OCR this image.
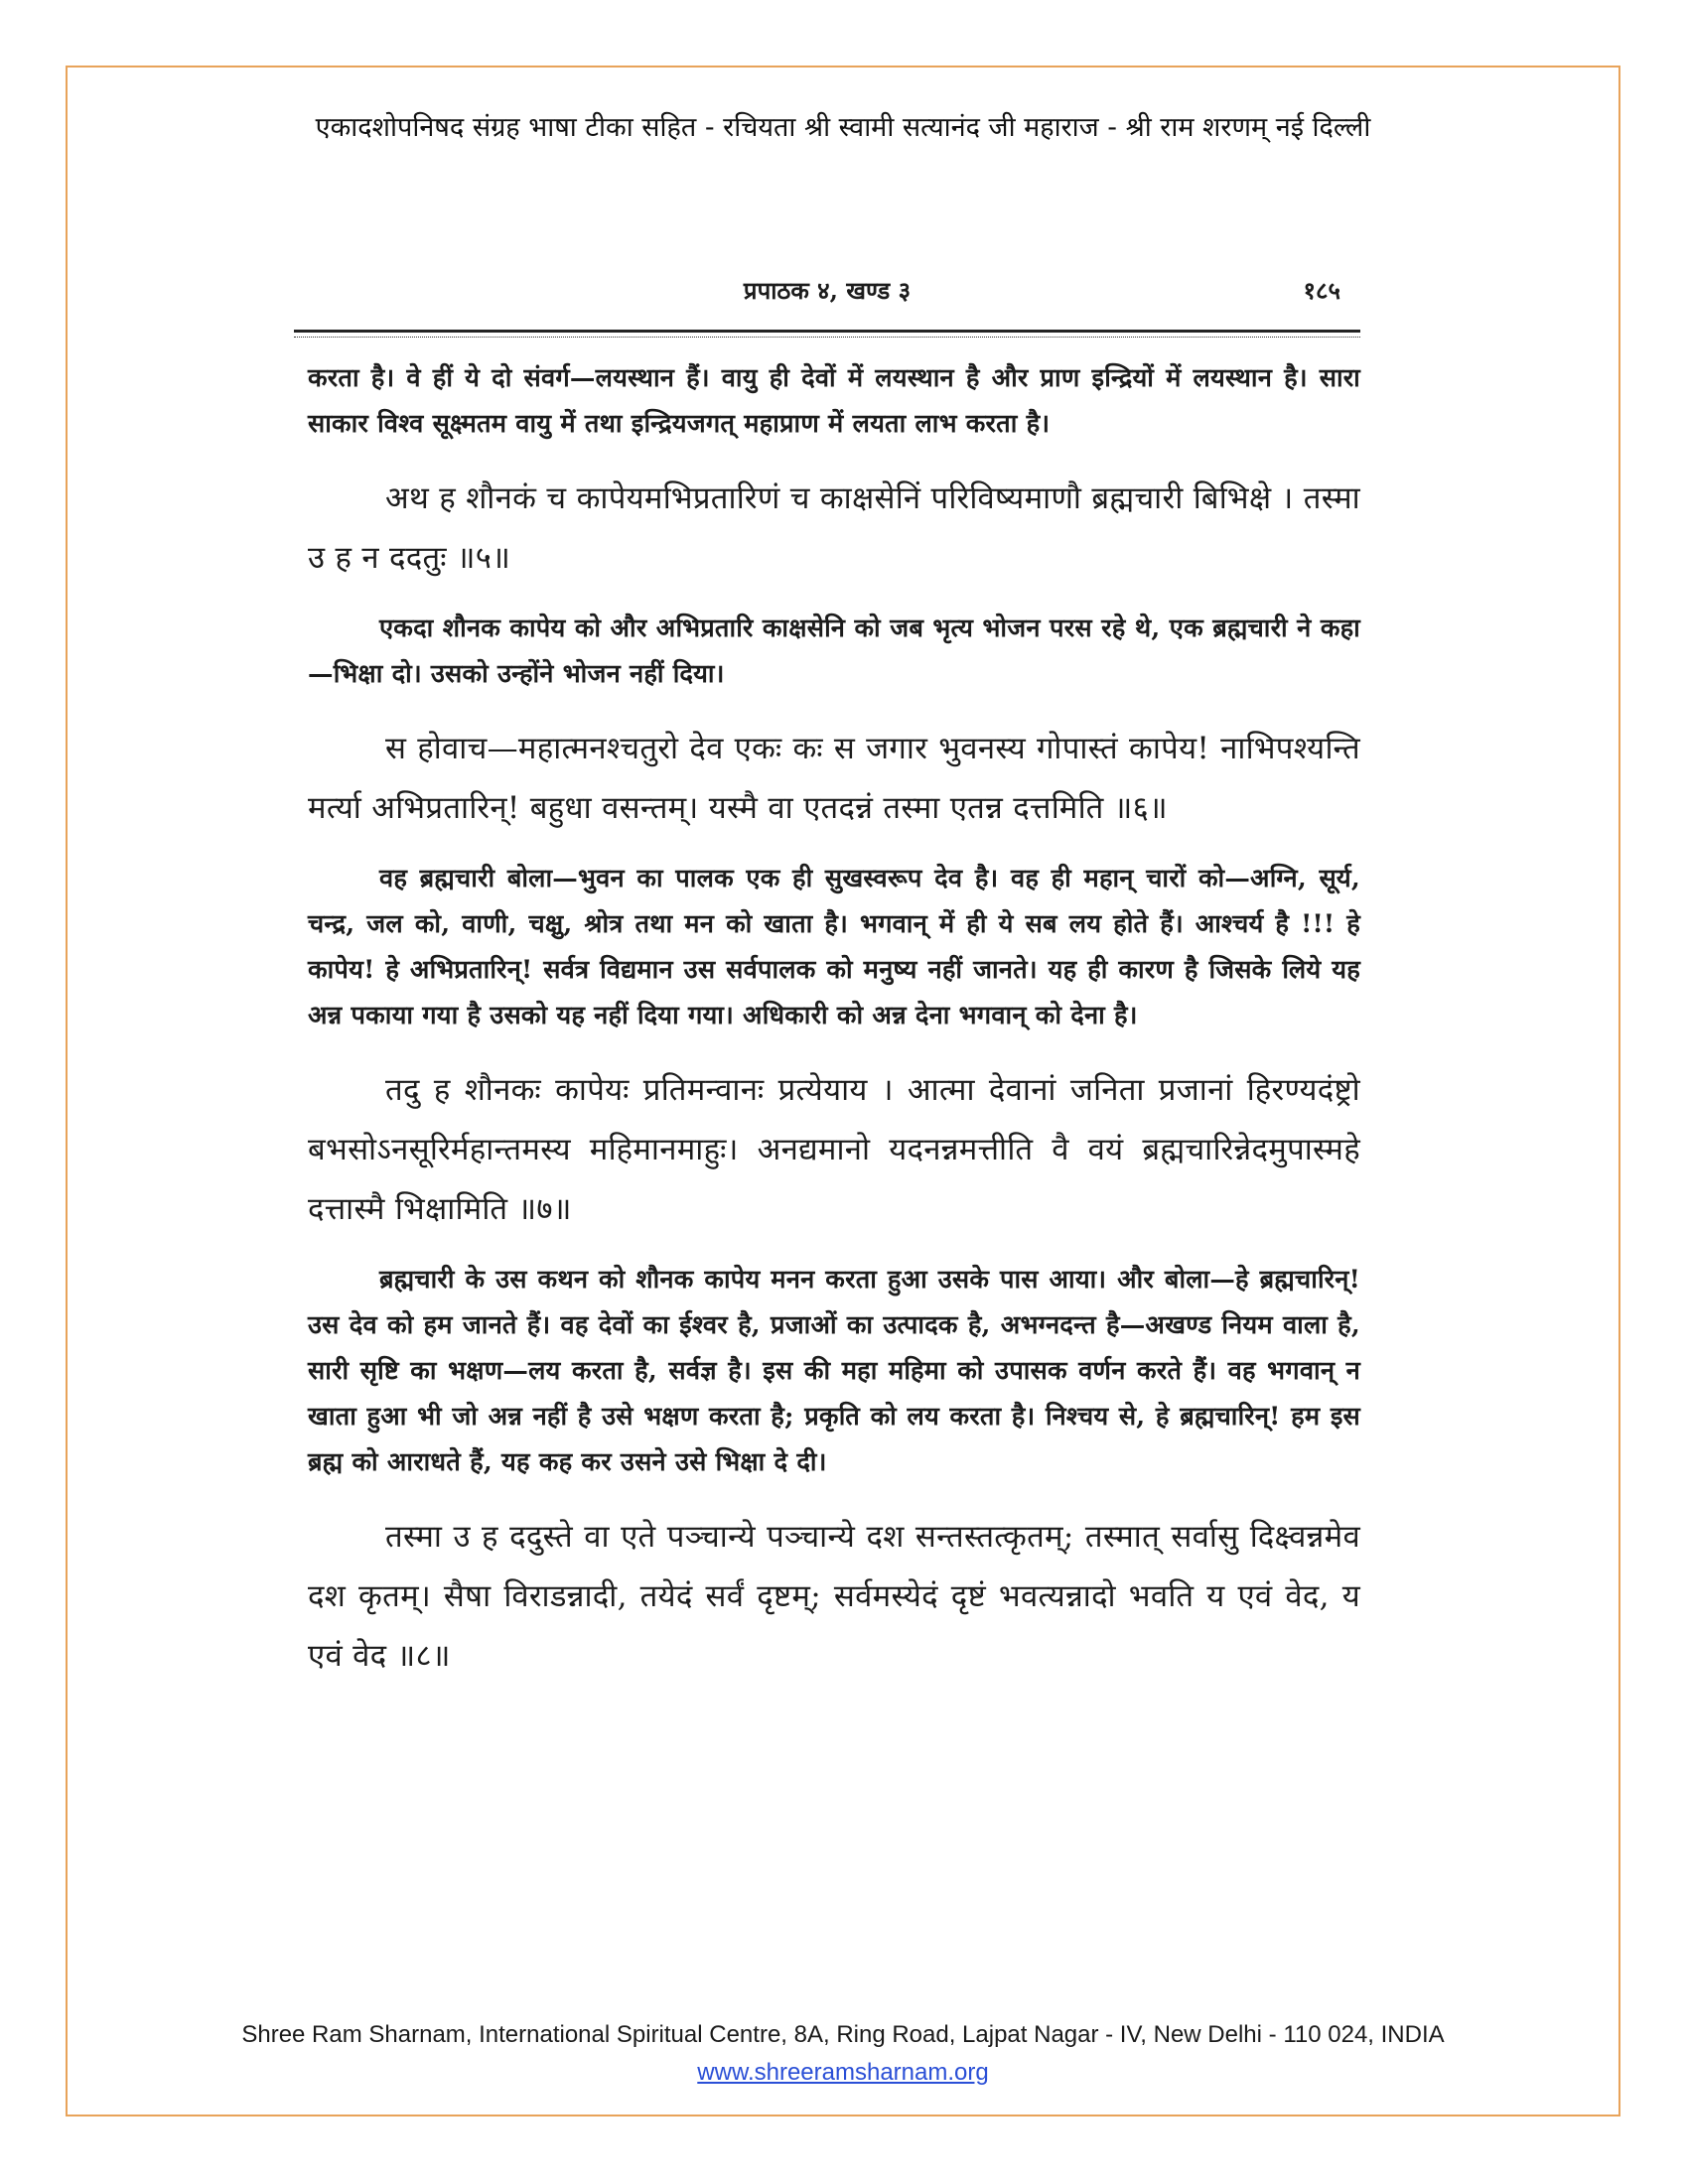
एकादशोपनिषद संग्रह भाषा टीका सहित - रचियता श्री स्वामी सत्यानंद जी महाराज - श्री राम शरणम् नई दिल्ली
प्रपाठक ४, खण्ड ३	१८५

करता है। वे हीं ये दो संवर्ग—लयस्थान हैं। वायु ही देवों में लयस्थान है और प्राण इन्द्रियों में लयस्थान है। सारा साकार विश्व सूक्ष्मतम वायु में तथा इन्द्रियजगत् महाप्राण में लयता लाभ करता है।

अथ ह शौनकं च कापेयमभिप्रतारिणं च काक्षसेनिं परिविष्यमाणौ ब्रह्मचारी बिभिक्षे । तस्मा उ ह न ददतुः ॥५॥

एकदा शौनक कापेय को और अभिप्रतारि काक्षसेनि को जब भृत्य भोजन परस रहे थे, एक ब्रह्मचारी ने कहा—भिक्षा दो। उसको उन्होंने भोजन नहीं दिया।

स होवाच—महात्मनश्चतुरो देव एकः कः स जगार भुवनस्य गोपास्तं कापेय! नाभिपश्यन्ति मर्त्या अभिप्रतारिन्! बहुधा वसन्तम्। यस्मै वा एतदन्नं तस्मा एतन्न दत्तमिति ॥६॥

वह ब्रह्मचारी बोला—भुवन का पालक एक ही सुखस्वरूप देव है। वह ही महान् चारों को—अग्नि, सूर्य, चन्द्र, जल को, वाणी, चक्षु, श्रोत्र तथा मन को खाता है। भगवान् में ही ये सब लय होते हैं। आश्चर्य है !!! हे कापेय! हे अभिप्रतारिन्! सर्वत्र विद्यमान उस सर्वपालक को मनुष्य नहीं जानते। यह ही कारण है जिसके लिये यह अन्न पकाया गया है उसको यह नहीं दिया गया। अधिकारी को अन्न देना भगवान् को देना है।

तदु ह शौनकः कापेयः प्रतिमन्वानः प्रत्येयाय । आत्मा देवानां जनिता प्रजानां हिरण्यदंष्ट्रो बभसोऽनसूरिर्महान्तमस्य महिमानमाहुः। अनद्यमानो यदनन्नमत्तीति वै वयं ब्रह्मचारिन्नेदमुपास्महे दत्तास्मै भिक्षामिति ॥७॥

ब्रह्मचारी के उस कथन को शौनक कापेय मनन करता हुआ उसके पास आया। और बोला—हे ब्रह्मचारिन्! उस देव को हम जानते हैं। वह देवों का ईश्वर है, प्रजाओं का उत्पादक है, अभग्नदन्त है—अखण्ड नियम वाला है, सारी सृष्टि का भक्षण—लय करता है, सर्वज्ञ है। इस की महा महिमा को उपासक वर्णन करते हैं। वह भगवान् न खाता हुआ भी जो अन्न नहीं है उसे भक्षण करता है; प्रकृति को लय करता है। निश्चय से, हे ब्रह्मचारिन्! हम इस ब्रह्म को आराधते हैं, यह कह कर उसने उसे भिक्षा दे दी।

तस्मा उ ह ददुस्ते वा एते पञ्चान्ये पञ्चान्ये दश सन्तस्तत्कृतम्; तस्मात् सर्वासु दिक्ष्वन्नमेव दश कृतम्। सैषा विराडन्नादी, तयेदं सर्वं दृष्टम्; सर्वमस्येदं दृष्टं भवत्यन्नादो भवति य एवं वेद, य एवं वेद ॥८॥

Shree Ram Sharnam, International Spiritual Centre, 8A, Ring Road, Lajpat Nagar - IV, New Delhi - 110 024, INDIA
www.shreeramsharnam.org
